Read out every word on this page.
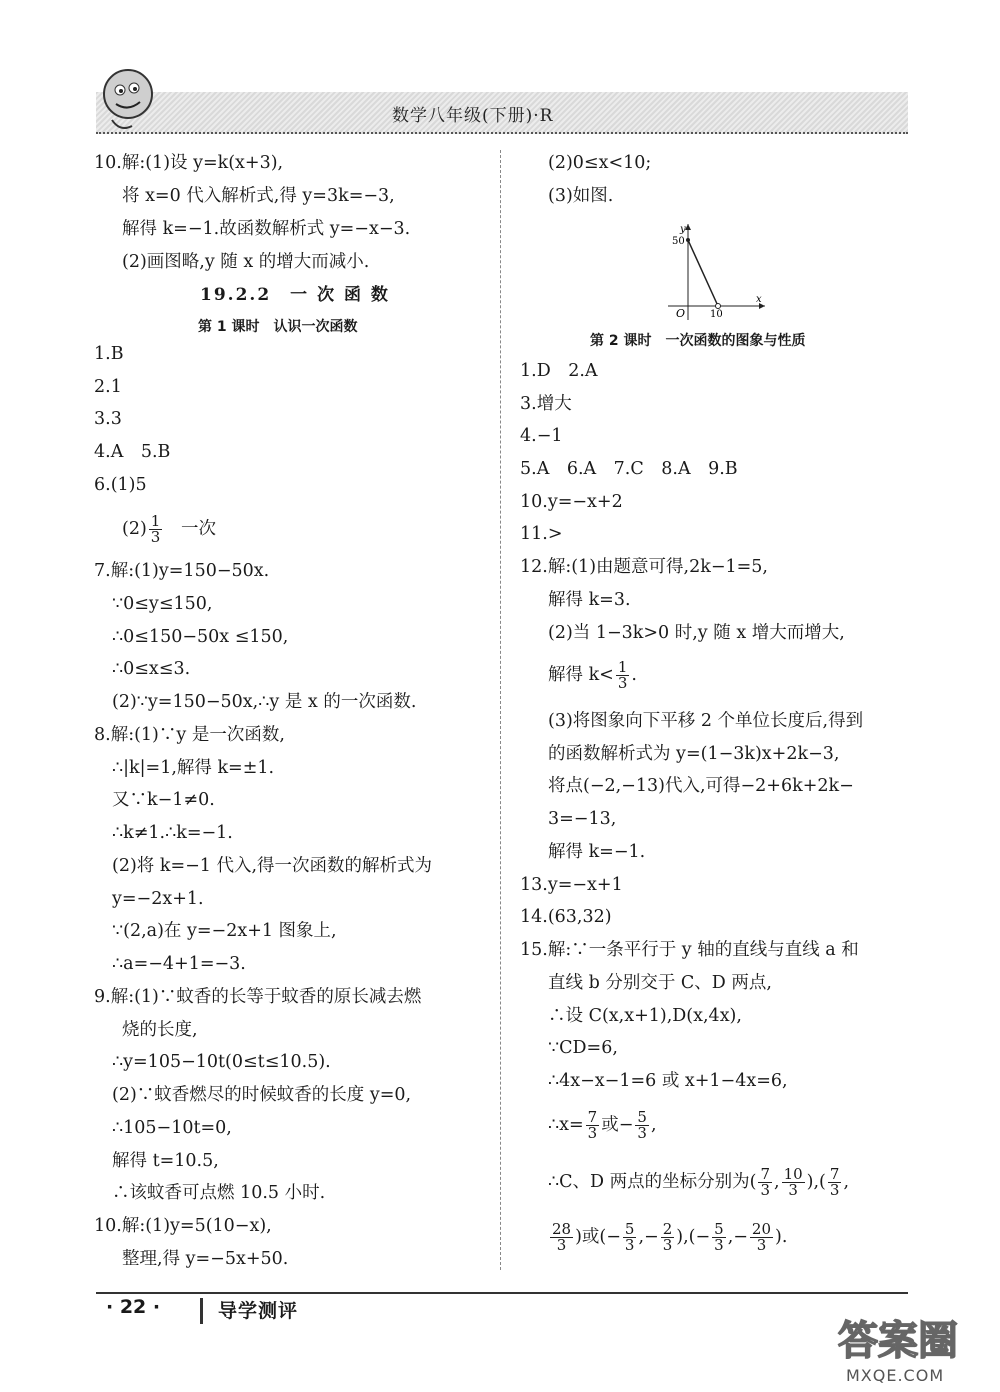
数学八年级(下册)·R
10.解:(1)设 y=k(x+3),
将 x=0 代入解析式,得 y=3k=−3,
解得 k=−1.故函数解析式 y=−x−3.
(2)画图略,y 随 x 的增大而减小.
19.2.2　一 次 函 数
第 1 课时　认识一次函数
1.B
2.1
3.3
4.A　5.B
6.(1)5
$(2) \frac{1}{3}$ 一次
7.解:(1)y=150−50x.
∵0≤y≤150,
∴0≤150−50x ≤150,
∴0≤x≤3.
(2)∵y=150−50x,∴y 是 x 的一次函数.
8.解:(1)∵y 是一次函数,
∴|k|=1,解得 k=±1.
又∵k−1≠0.
∴k≠1.∴k=−1.
(2)将 k=−1 代入,得一次函数的解析式为
y=−2x+1.
∵(2,a)在 y=−2x+1 图象上,
∴a=−4+1=−3.
9.解:(1)∵蚊香的长等于蚊香的原长减去燃
烧的长度,
∴y=105−10t(0≤t≤10.5).
(2)∵蚊香燃尽的时候蚊香的长度 y=0,
∴105−10t=0,
解得 t=10.5,
∴该蚊香可点燃 10.5 小时.
10.解:(1)y=5(10−x),
整理,得 y=−5x+50.
(2)0≤x<10;
(3)如图.
y
x
O
50
10
第 2 课时　一次函数的图象与性质
1.D　2.A
3.增大
4.−1
5.A　6.A　7.C　8.A　9.B
10.y=−x+2
11.>
12.解:(1)由题意可得,2k−1=5,
解得 k=3.
(2)当 1−3k>0 时,y 随 x 增大而增大,
解得 $k< \frac{1}{3}$ .
(3)将图象向下平移 2 个单位长度后,得到
的函数解析式为 y=(1−3k)x+2k−3,
将点(−2,−13)代入,可得−2+6k+2k−
3=−13,
解得 k=−1.
13.y=−x+1
14.(63,32)
15.解:∵一条平行于 y 轴的直线与直线 a 和
直线 b 分别交于 C、D 两点,
∴设 C(x,x+1),D(x,4x),
∵CD=6,
∴4x−x−1=6 或 x+1−4x=6,
∴x= $\frac{7}{3}$ 或− $\frac{5}{3}$ ,
∴C、D 两点的坐标分别为( $\frac{7}{3}$ , $\frac{10}{3}$ ),( $\frac{7}{3}$ ,
$\frac{28}{3}$ )或(− $\frac{5}{3}$ ,− $\frac{2}{3}$ ),(− $\frac{5}{3}$ ,− $\frac{20}{3}$ ).
· 22 ·	导学测评
答案圈
MXQE.COM
